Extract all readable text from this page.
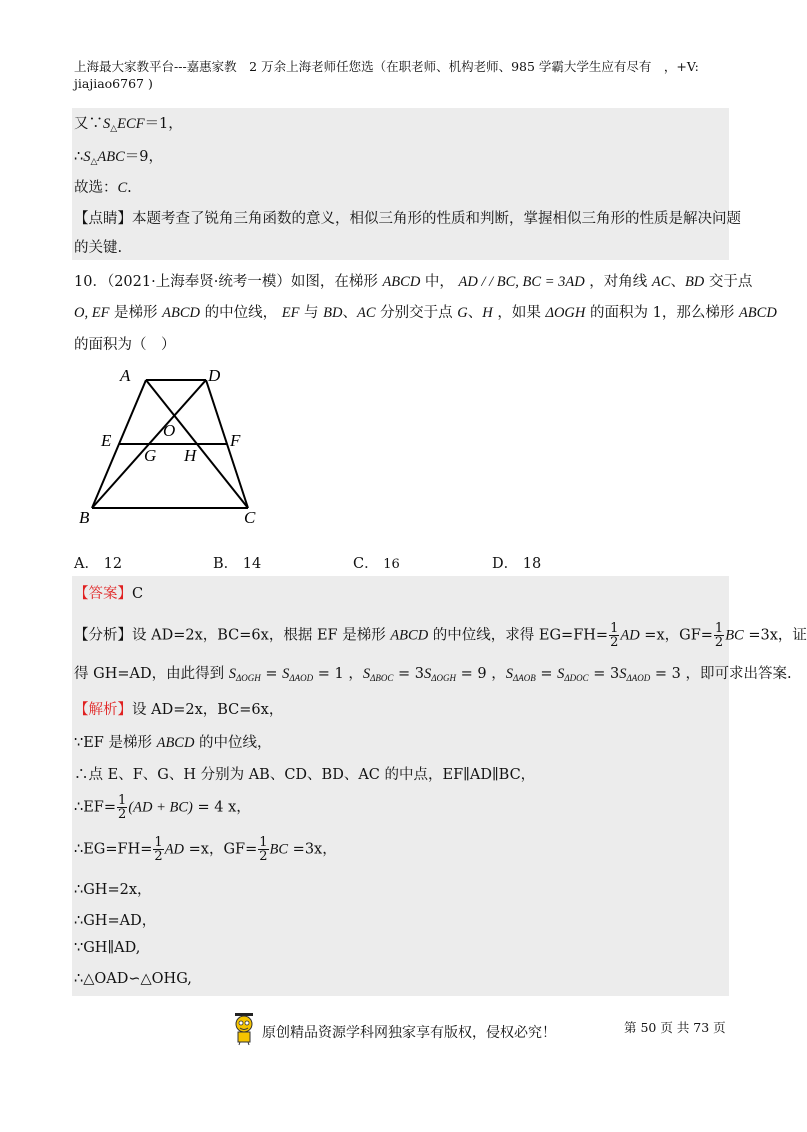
上海最大家教平台---嘉惠家教　2 万余上海老师任您选（在职老师、机构老师、985 学霸大学生应有尽有　，+V:
jiajiao6767 )
又$\because S_\triangle ECF=1$，
$\therefore S_\triangle ABC=9$，
故选：C.
【点睛】本题考查了锐角三角函数的意义，相似三角形的性质和判断，掌握相似三角形的性质是解决问题
的关键.
10．（2021·上海奉贤·统考一模）如图，在梯形 ABCD 中， AD / / BC, BC = 3AD ，对角线 AC、BD 交于点
O, EF 是梯形 ABCD 的中位线， EF 与 BD、AC 分别交于点 G、H ，如果 ΔOGH 的面积为 1，那么梯形 ABCD
的面积为（　）
A	D
O
E	F
G H
B	C
A． 12	B． 14	C． 16	D． 18
【答案】C
【分析】设 AD=2x，BC=6x，根据 EF 是梯形 ABCD 的中位线，求得 $EG=FH= \frac{1}{2}$ AD =x，$GF= \frac{1}{2}$ BC =3x，证
得 GH=AD，由此得到 $S_{\Delta OGH} = S_{\Delta AOD} = 1$ ，$S_{\Delta BOC} = 3S_{\Delta OGH} = 9$ ，$S_{\Delta AOB} = S_{\Delta DOC} = 3S_{\Delta AOD} = 3$ ，即可求出答案.
【解析】设 AD=2x，BC=6x，
∵EF 是梯形 ABCD 的中位线，
∴点 E、F、G、H 分别为 AB、CD、BD、AC 的中点，EF∥AD∥BC，
∴EF= $\frac{1}{2} (AD + BC) = 4$ x，
∴EG=FH= $\frac{1}{2}$ AD =x，$GF= \frac{1}{2}$ BC =3x，
∴GH=2x，
∴GH=AD，
∵GH∥AD,
∴△OAD∽△OHG,
原创精品资源学科网独家享有版权，侵权必究！	第 50 页 共 73 页
